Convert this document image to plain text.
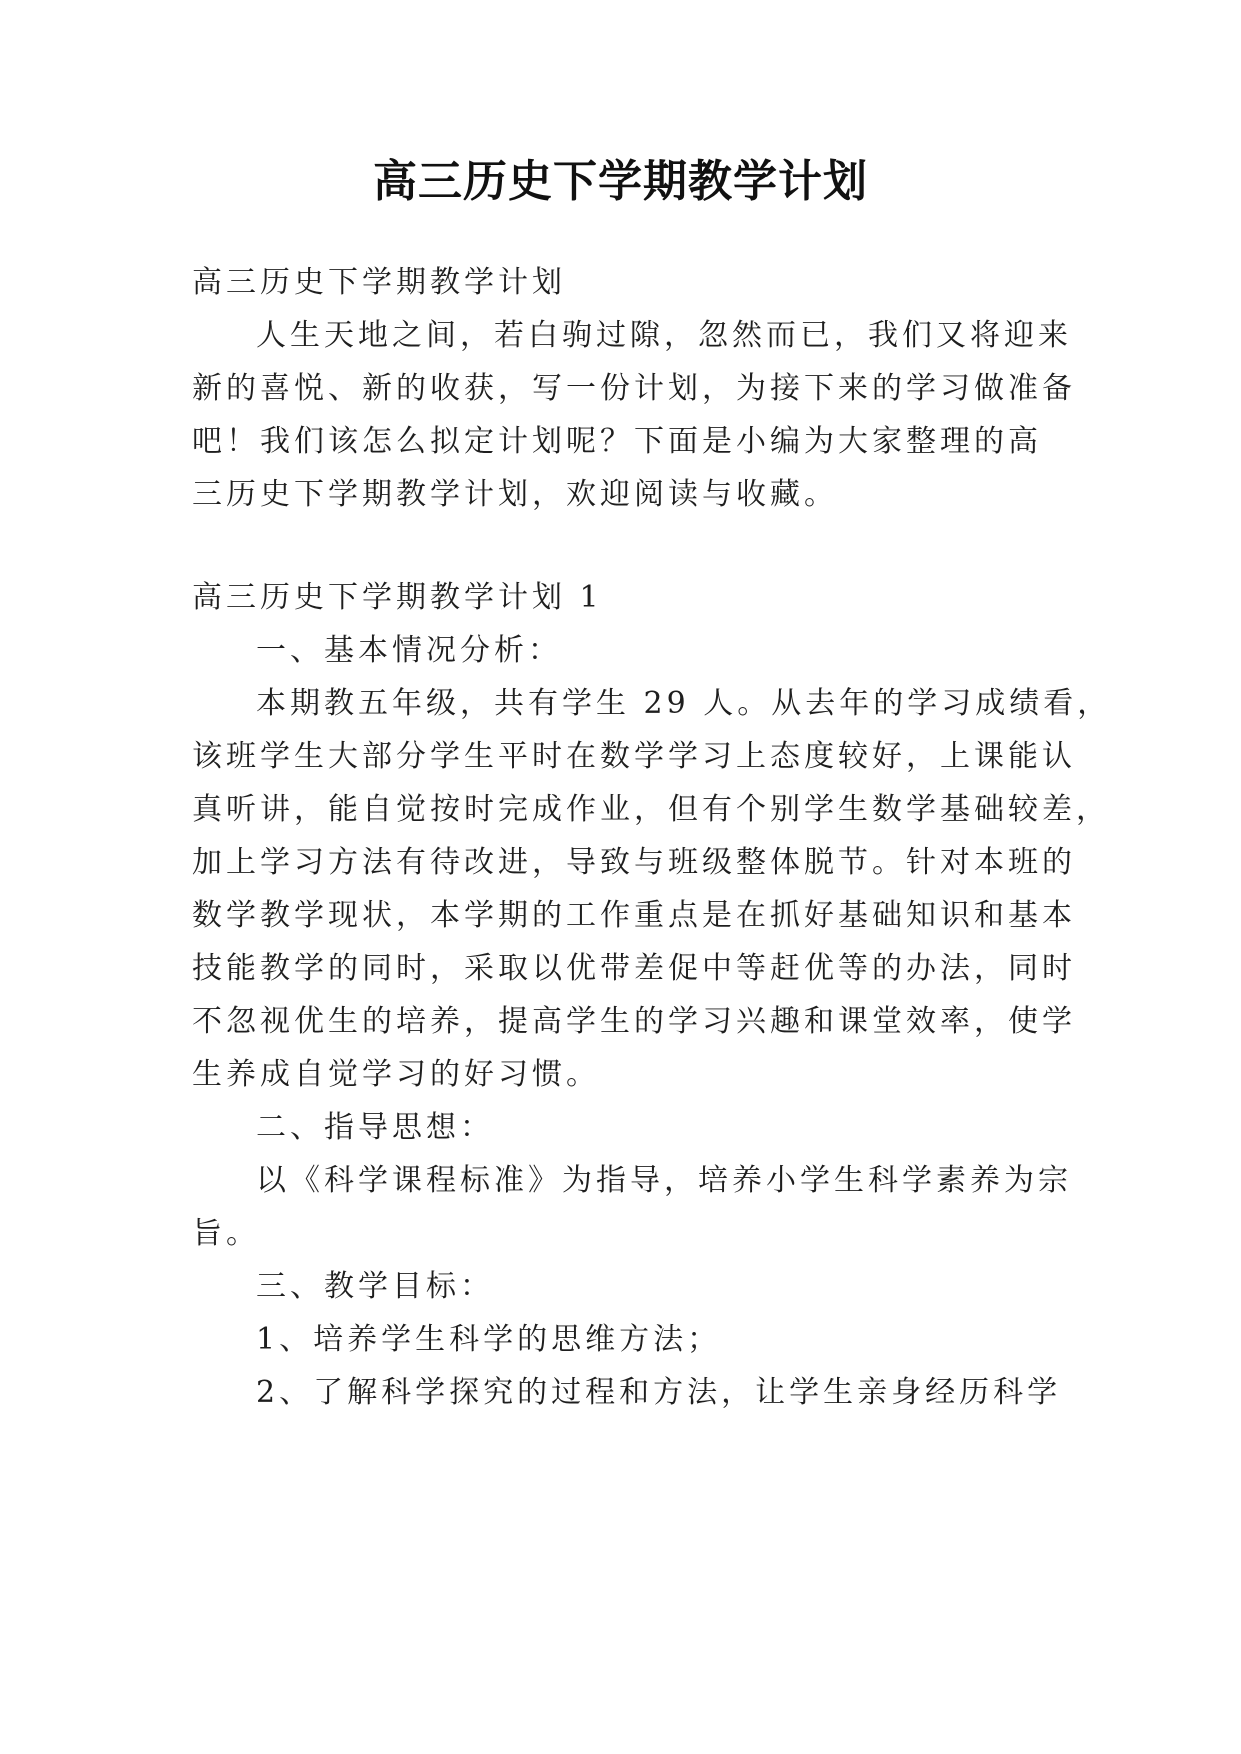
高三历史下学期教学计划
高三历史下学期教学计划
人生天地之间，若白驹过隙，忽然而已，我们又将迎来
新的喜悦、新的收获，写一份计划，为接下来的学习做准备
吧！我们该怎么拟定计划呢？下面是小编为大家整理的高
三历史下学期教学计划，欢迎阅读与收藏。
高三历史下学期教学计划 1
一、基本情况分析：
本期教五年级，共有学生 29 人。从去年的学习成绩看，
该班学生大部分学生平时在数学学习上态度较好，上课能认
真听讲，能自觉按时完成作业，但有个别学生数学基础较差，
加上学习方法有待改进，导致与班级整体脱节。针对本班的
数学教学现状，本学期的工作重点是在抓好基础知识和基本
技能教学的同时，采取以优带差促中等赶优等的办法，同时
不忽视优生的培养，提高学生的学习兴趣和课堂效率，使学
生养成自觉学习的好习惯。
二、指导思想：
以《科学课程标准》为指导，培养小学生科学素养为宗
旨。
三、教学目标：
1、培养学生科学的思维方法；
2、了解科学探究的过程和方法，让学生亲身经历科学
